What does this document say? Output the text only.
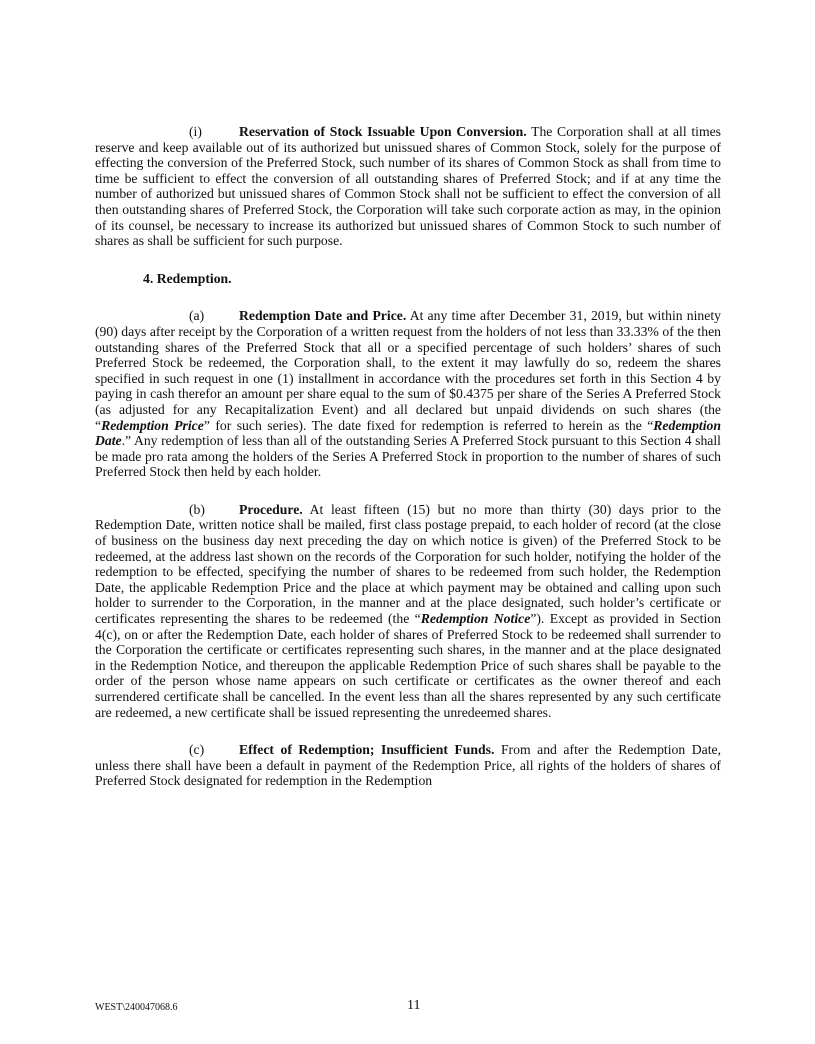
(i)	Reservation of Stock Issuable Upon Conversion. The Corporation shall at all times reserve and keep available out of its authorized but unissued shares of Common Stock, solely for the purpose of effecting the conversion of the Preferred Stock, such number of its shares of Common Stock as shall from time to time be sufficient to effect the conversion of all outstanding shares of Preferred Stock; and if at any time the number of authorized but unissued shares of Common Stock shall not be sufficient to effect the conversion of all then outstanding shares of Preferred Stock, the Corporation will take such corporate action as may, in the opinion of its counsel, be necessary to increase its authorized but unissued shares of Common Stock to such number of shares as shall be sufficient for such purpose.

4. Redemption.

(a)	Redemption Date and Price. At any time after December 31, 2019, but within ninety (90) days after receipt by the Corporation of a written request from the holders of not less than 33.33% of the then outstanding shares of the Preferred Stock that all or a specified percentage of such holders’ shares of such Preferred Stock be redeemed, the Corporation shall, to the extent it may lawfully do so, redeem the shares specified in such request in one (1) installment in accordance with the procedures set forth in this Section 4 by paying in cash therefor an amount per share equal to the sum of $0.4375 per share of the Series A Preferred Stock (as adjusted for any Recapitalization Event) and all declared but unpaid dividends on such shares (the “Redemption Price” for such series). The date fixed for redemption is referred to herein as the “Redemption Date.” Any redemption of less than all of the outstanding Series A Preferred Stock pursuant to this Section 4 shall be made pro rata among the holders of the Series A Preferred Stock in proportion to the number of shares of such Preferred Stock then held by each holder.

(b) Procedure. At least fifteen (15) but no more than thirty (30) days prior to the Redemption Date, written notice shall be mailed, first class postage prepaid, to each holder of record (at the close of business on the business day next preceding the day on which notice is given) of the Preferred Stock to be redeemed, at the address last shown on the records of the Corporation for such holder, notifying the holder of the redemption to be effected, specifying the number of shares to be redeemed from such holder, the Redemption Date, the applicable Redemption Price and the place at which payment may be obtained and calling upon such holder to surrender to the Corporation, in the manner and at the place designated, such holder’s certificate or certificates representing the shares to be redeemed (the “Redemption Notice”). Except as provided in Section 4(c), on or after the Redemption Date, each holder of shares of Preferred Stock to be redeemed shall surrender to the Corporation the certificate or certificates representing such shares, in the manner and at the place designated in the Redemption Notice, and thereupon the applicable Redemption Price of such shares shall be payable to the order of the person whose name appears on such certificate or certificates as the owner thereof and each surrendered certificate shall be cancelled. In the event less than all the shares represented by any such certificate are redeemed, a new certificate shall be issued representing the unredeemed shares.

(c)	Effect of Redemption; Insufficient Funds. From and after the Redemption Date, unless there shall have been a default in payment of the Redemption Price, all rights of the holders of shares of Preferred Stock designated for redemption in the Redemption

WEST\240047068.6	11
